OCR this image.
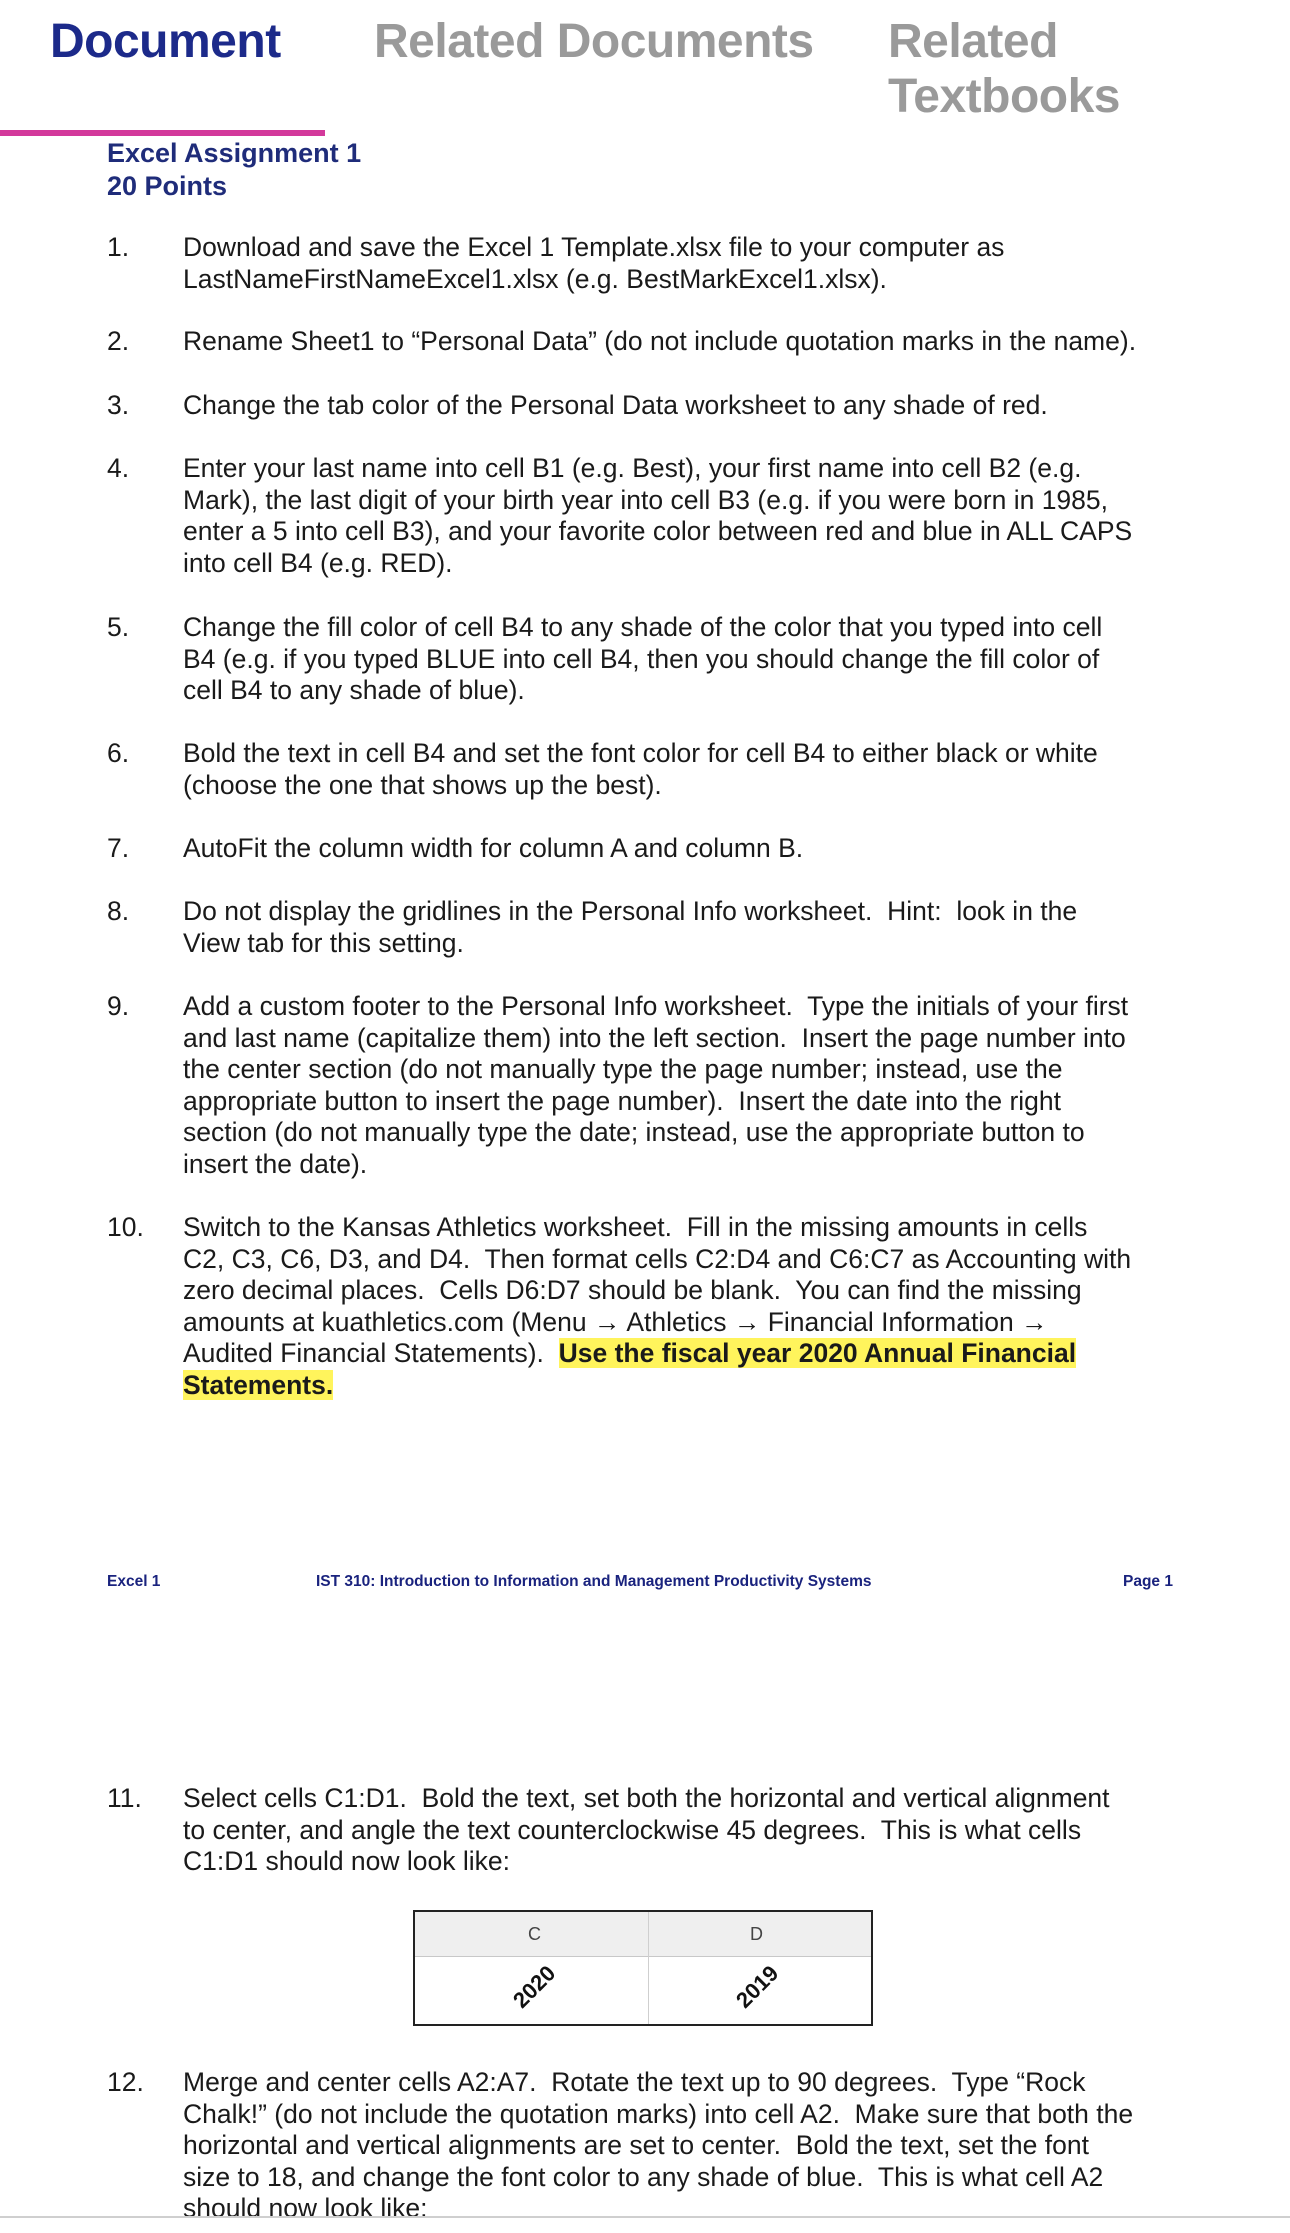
Document Related Documents Related Textbooks
Excel Assignment 1
20 Points
1.	Download and save the Excel 1 Template.xlsx file to your computer as
LastNameFirstNameExcel1.xlsx (e.g. BestMarkExcel1.xlsx).
2.	Rename Sheet1 to “Personal Data” (do not include quotation marks in the name).
3.	Change the tab color of the Personal Data worksheet to any shade of red.
4.	Enter your last name into cell B1 (e.g. Best), your first name into cell B2 (e.g.
Mark), the last digit of your birth year into cell B3 (e.g. if you were born in 1985,
enter a 5 into cell B3), and your favorite color between red and blue in ALL CAPS
into cell B4 (e.g. RED).
5.	Change the fill color of cell B4 to any shade of the color that you typed into cell
B4 (e.g. if you typed BLUE into cell B4, then you should change the fill color of
cell B4 to any shade of blue).
6.	Bold the text in cell B4 and set the font color for cell B4 to either black or white
(choose the one that shows up the best).
7.	AutoFit the column width for column A and column B.
8.	Do not display the gridlines in the Personal Info worksheet.  Hint:  look in the
View tab for this setting.
9.	Add a custom footer to the Personal Info worksheet.  Type the initials of your first
and last name (capitalize them) into the left section.  Insert the page number into
the center section (do not manually type the page number; instead, use the
appropriate button to insert the page number).  Insert the date into the right
section (do not manually type the date; instead, use the appropriate button to
insert the date).
10. Switch to the Kansas Athletics worksheet.  Fill in the missing amounts in cells
C2, C3, C6, D3, and D4.  Then format cells C2:D4 and C6:C7 as Accounting with
zero decimal places.  Cells D6:D7 should be blank.  You can find the missing
amounts at kuathletics.com (Menu → Athletics → Financial Information →
Audited Financial Statements).  Use the fiscal year 2020 Annual Financial
Statements.
Excel 1	IST 310: Introduction to Information and Management Productivity Systems	Page 1
11.	Select cells C1:D1.  Bold the text, set both the horizontal and vertical alignment
to center, and angle the text counterclockwise 45 degrees.  This is what cells
C1:D1 should now look like:
C	D
2020	2019
12. Merge and center cells A2:A7.  Rotate the text up to 90 degrees.  Type “Rock
Chalk!” (do not include the quotation marks) into cell A2.  Make sure that both the
horizontal and vertical alignments are set to center.  Bold the text, set the font
size to 18, and change the font color to any shade of blue.  This is what cell A2
should now look like:
